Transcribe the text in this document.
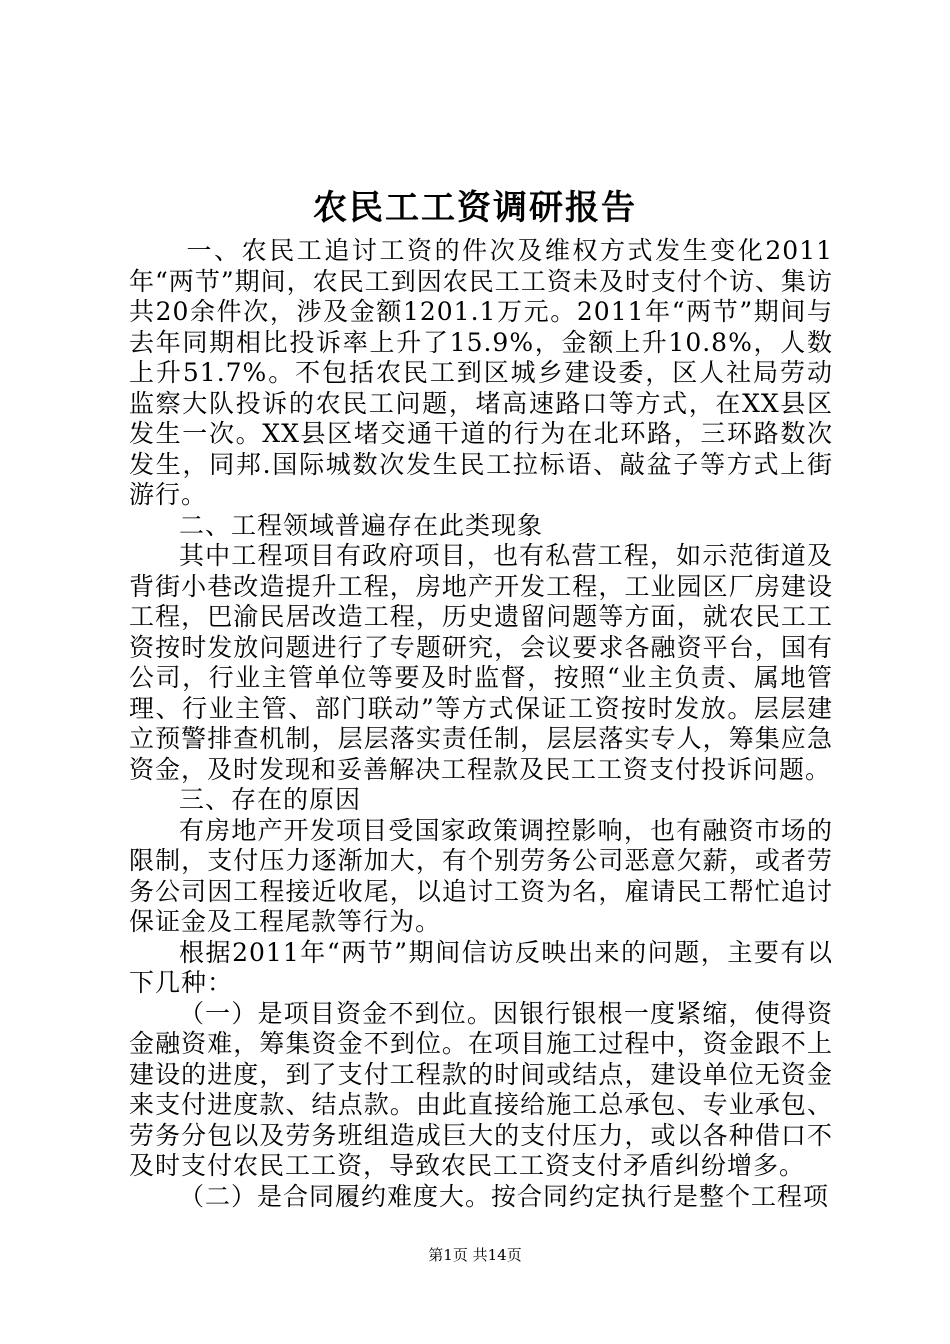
农民工工资调研报告

一、农民工追讨工资的件次及维权方式发生变化2011年“两节”期间，农民工到因农民工工资未及时支付个访、集访共20余件次，涉及金额1201.1万元。2011年“两节”期间与去年同期相比投诉率上升了15.9%，金额上升10.8%，人数上升51.7%。不包括农民工到区城乡建设委，区人社局劳动监察大队投诉的农民工问题，堵高速路口等方式，在XX县区发生一次。XX县区堵交通干道的行为在北环路，三环路数次发生，同邦.国际城数次发生民工拉标语、敲盆子等方式上街游行。

二、工程领域普遍存在此类现象

其中工程项目有政府项目，也有私营工程，如示范街道及背街小巷改造提升工程，房地产开发工程，工业园区厂房建设工程，巴渝民居改造工程，历史遗留问题等方面，就农民工工资按时发放问题进行了专题研究，会议要求各融资平台，国有公司，行业主管单位等要及时监督，按照“业主负责、属地管理、行业主管、部门联动”等方式保证工资按时发放。层层建立预警排查机制，层层落实责任制，层层落实专人，筹集应急资金，及时发现和妥善解决工程款及民工工资支付投诉问题。

三、存在的原因

有房地产开发项目受国家政策调控影响，也有融资市场的限制，支付压力逐渐加大，有个别劳务公司恶意欠薪，或者劳务公司因工程接近收尾，以追讨工资为名，雇请民工帮忙追讨保证金及工程尾款等行为。

根据2011年“两节”期间信访反映出来的问题，主要有以下几种：

（一）是项目资金不到位。因银行银根一度紧缩，使得资金融资难，筹集资金不到位。在项目施工过程中，资金跟不上建设的进度，到了支付工程款的时间或结点，建设单位无资金来支付进度款、结点款。由此直接给施工总承包、专业承包、劳务分包以及劳务班组造成巨大的支付压力，或以各种借口不及时支付农民工工资，导致农民工工资支付矛盾纠纷增多。

（二）是合同履约难度大。按合同约定执行是整个工程项

第1页 共14页
